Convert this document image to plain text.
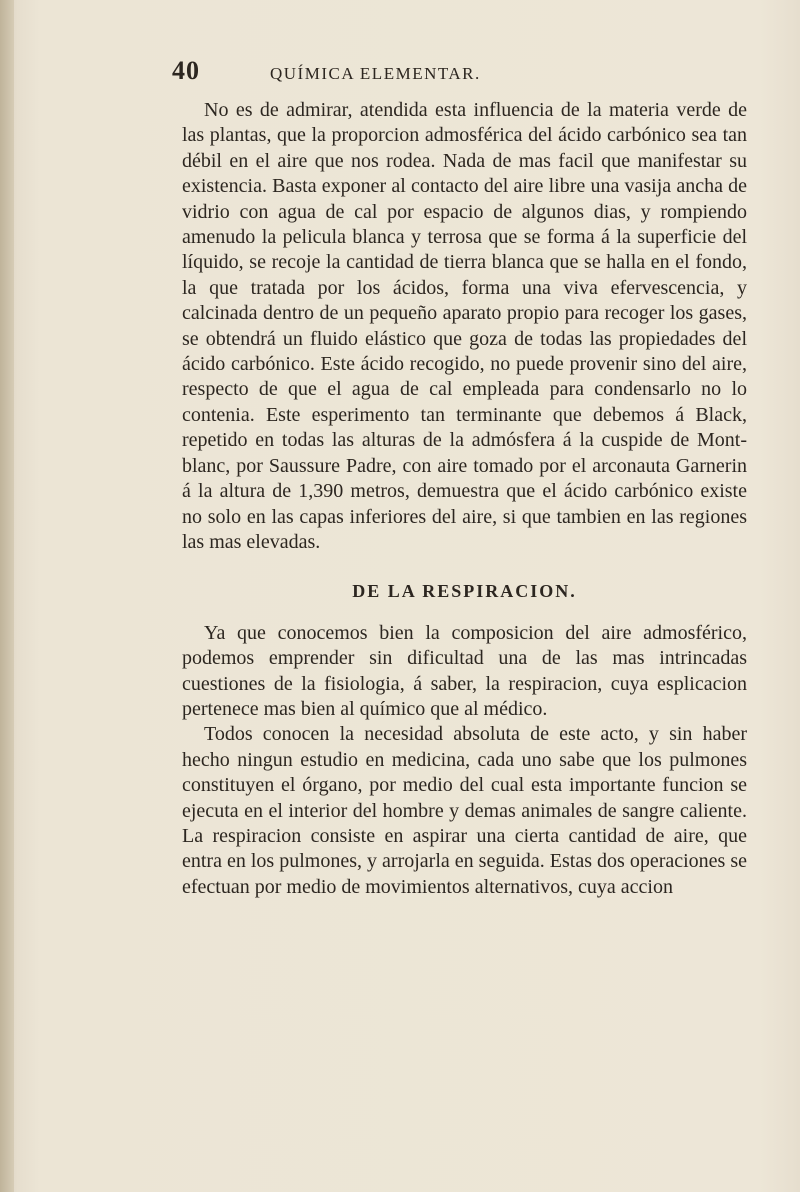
40	QUÍMICA ELEMENTAR.

No es de admirar, atendida esta influencia de la materia verde de las plantas, que la proporcion admosférica del ácido carbónico sea tan débil en el aire que nos rodea. Nada de mas facil que manifestar su existencia. Basta exponer al contacto del aire libre una vasija ancha de vidrio con agua de cal por espacio de algunos dias, y rompiendo amenudo la pelicula blanca y terrosa que se forma á la superficie del líquido, se recoje la cantidad de tierra blanca que se halla en el fondo, la que tratada por los ácidos, forma una viva efervescencia, y calcinada dentro de un pequeño aparato propio para recoger los gases, se obtendrá un fluido elástico que goza de todas las propiedades del ácido carbónico. Este ácido recogido, no puede provenir sino del aire, respecto de que el agua de cal empleada para condensarlo no lo contenia. Este esperimento tan terminante que debemos á Black, repetido en todas las alturas de la admósfera á la cuspide de Mont-blanc, por Saussure Padre, con aire tomado por el arconauta Garnerin á la altura de 1,390 metros, demuestra que el ácido carbónico existe no solo en las capas inferiores del aire, si que tambien en las regiones las mas elevadas.

DE LA RESPIRACION.

Ya que conocemos bien la composicion del aire admosférico, podemos emprender sin dificultad una de las mas intrincadas cuestiones de la fisiologia, á saber, la respiracion, cuya esplicacion pertenece mas bien al químico que al médico.

Todos conocen la necesidad absoluta de este acto, y sin haber hecho ningun estudio en medicina, cada uno sabe que los pulmones constituyen el órgano, por medio del cual esta importante funcion se ejecuta en el interior del hombre y demas animales de sangre caliente. La respiracion consiste en aspirar una cierta cantidad de aire, que entra en los pulmones, y arrojarla en seguida. Estas dos operaciones se efectuan por medio de movimientos alternativos, cuya accion
